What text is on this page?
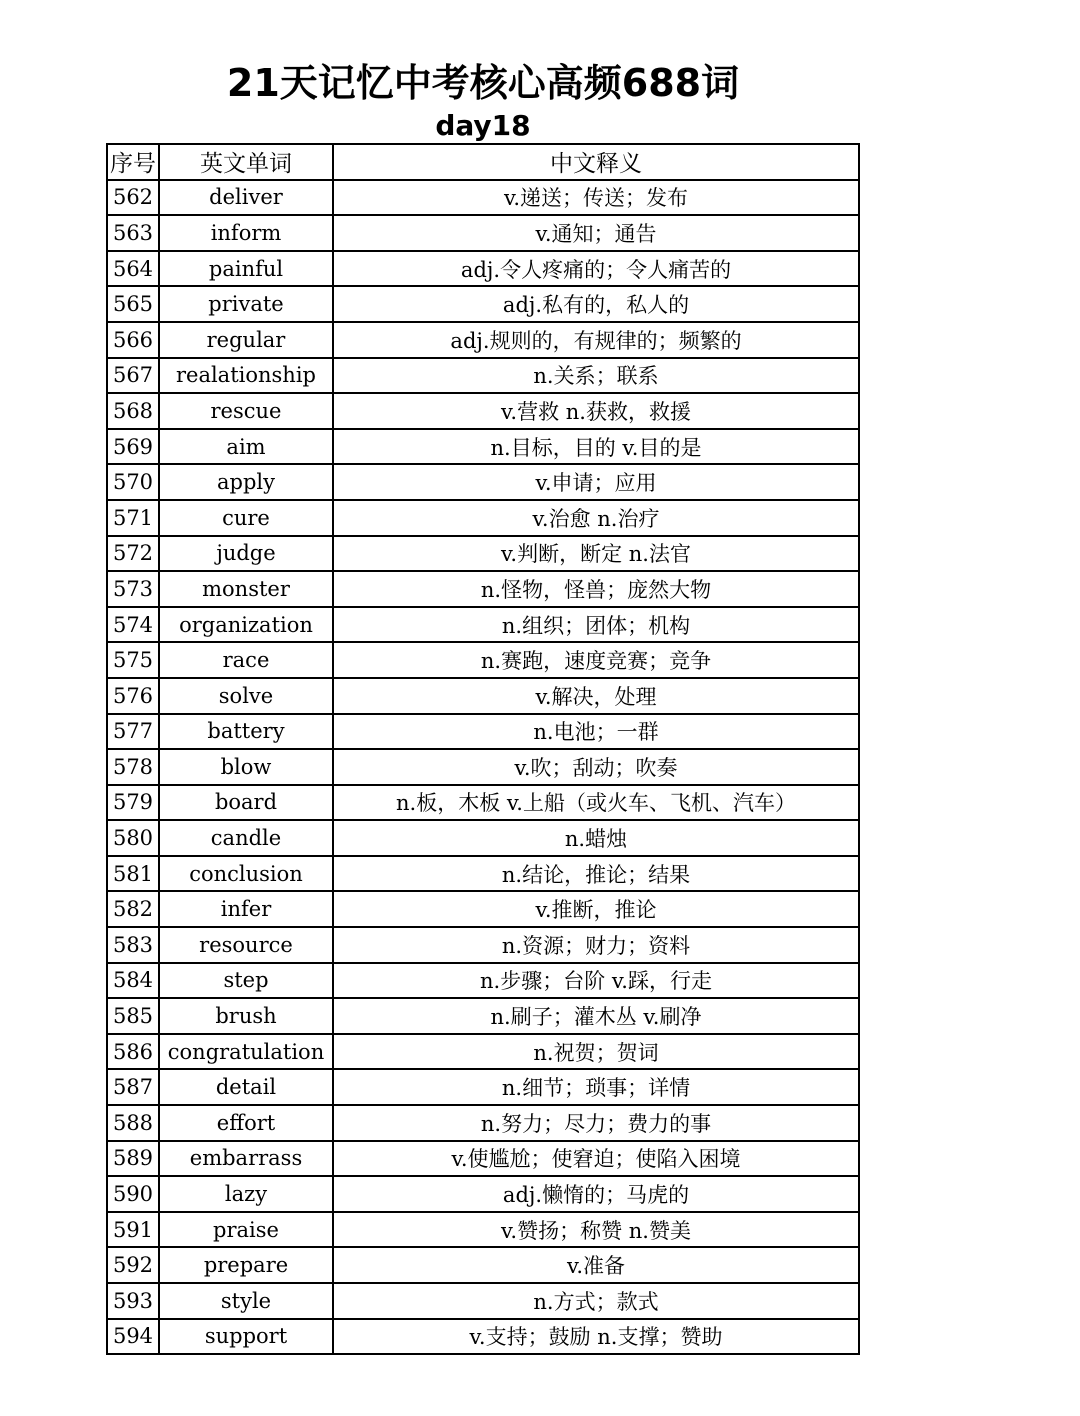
21天记忆中考核心高频688词
day18
序号	英文单词	中文释义
562	deliver	v.递送；传送；发布
563	inform	v.通知；通告
564	painful	adj.令人疼痛的；令人痛苦的
565	private	adj.私有的，私人的
566	regular	adj.规则的，有规律的；频繁的
567	realationship	n.关系；联系
568	rescue	v.营救 n.获救，救援
569	aim	n.目标，目的 v.目的是
570	apply	v.申请；应用
571	cure	v.治愈 n.治疗
572	judge	v.判断，断定 n.法官
573	monster	n.怪物，怪兽；庞然大物
574	organization	n.组织；团体；机构
575	race	n.赛跑，速度竞赛；竞争
576	solve	v.解决，处理
577	battery	n.电池；一群
578	blow	v.吹；刮动；吹奏
579	board	n.板，木板 v.上船（或火车、飞机、汽车）
580	candle	n.蜡烛
581	conclusion	n.结论，推论；结果
582	infer	v.推断，推论
583	resource	n.资源；财力；资料
584	step	n.步骤；台阶 v.踩，行走
585	brush	n.刷子；灌木丛 v.刷净
586	congratulation	n.祝贺；贺词
587	detail	n.细节；琐事；详情
588	effort	n.努力；尽力；费力的事
589	embarrass	v.使尴尬；使窘迫；使陷入困境
590	lazy	adj.懒惰的；马虎的
591	praise	v.赞扬；称赞 n.赞美
592	prepare	v.准备
593	style	n.方式；款式
594	support	v.支持；鼓励 n.支撑；赞助
